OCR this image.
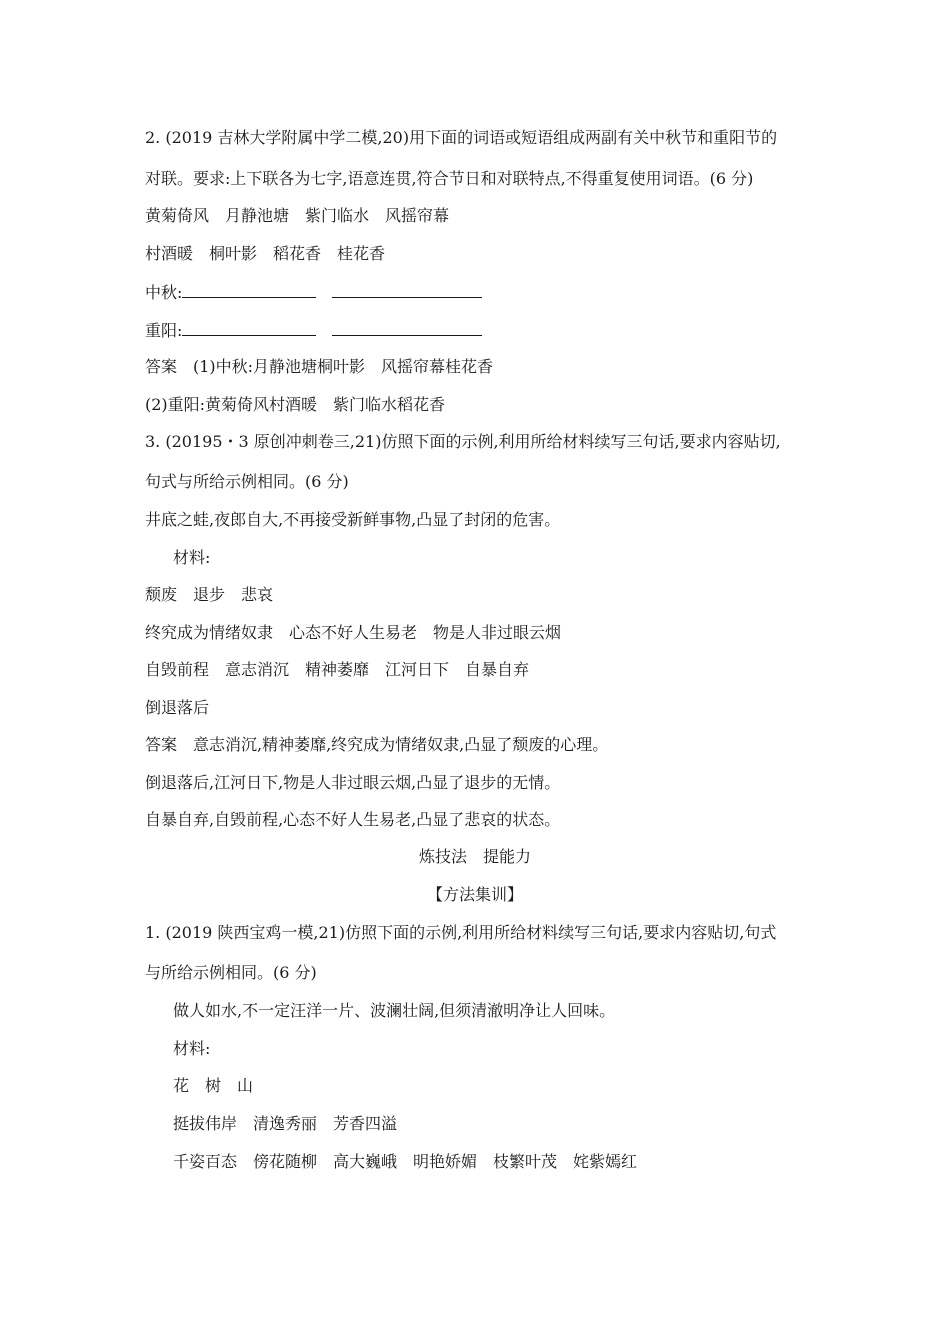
2. (2019 吉林大学附属中学二模,20)用下面的词语或短语组成两副有关中秋节和重阳节的
对联。要求:上下联各为七字,语意连贯,符合节日和对联特点,不得重复使用词语。(6 分)
黄菊倚风　月静池塘　紫门临水　风摇帘幕
村酒暖　桐叶影　稻花香　桂花香
中秋:
重阳:
答案　(1)中秋:月静池塘桐叶影　风摇帘幕桂花香
(2)重阳:黄菊倚风村酒暖　紫门临水稻花香
3. (20195・3 原创冲刺卷三,21)仿照下面的示例,利用所给材料续写三句话,要求内容贴切,
句式与所给示例相同。(6 分)
井底之蛙,夜郎自大,不再接受新鲜事物,凸显了封闭的危害。
材料:
颓废　退步　悲哀
终究成为情绪奴隶　心态不好人生易老　物是人非过眼云烟
自毁前程　意志消沉　精神萎靡　江河日下　自暴自弃
倒退落后
答案　意志消沉,精神萎靡,终究成为情绪奴隶,凸显了颓废的心理。
倒退落后,江河日下,物是人非过眼云烟,凸显了退步的无情。
自暴自弃,自毁前程,心态不好人生易老,凸显了悲哀的状态。
炼技法　提能力
【方法集训】
1. (2019 陕西宝鸡一模,21)仿照下面的示例,利用所给材料续写三句话,要求内容贴切,句式
与所给示例相同。(6 分)
做人如水,不一定汪洋一片、波澜壮阔,但须清澈明净让人回味。
材料:
花　树　山
挺拔伟岸　清逸秀丽　芳香四溢
千姿百态　傍花随柳　高大巍峨　明艳娇媚　枝繁叶茂　姹紫嫣红
